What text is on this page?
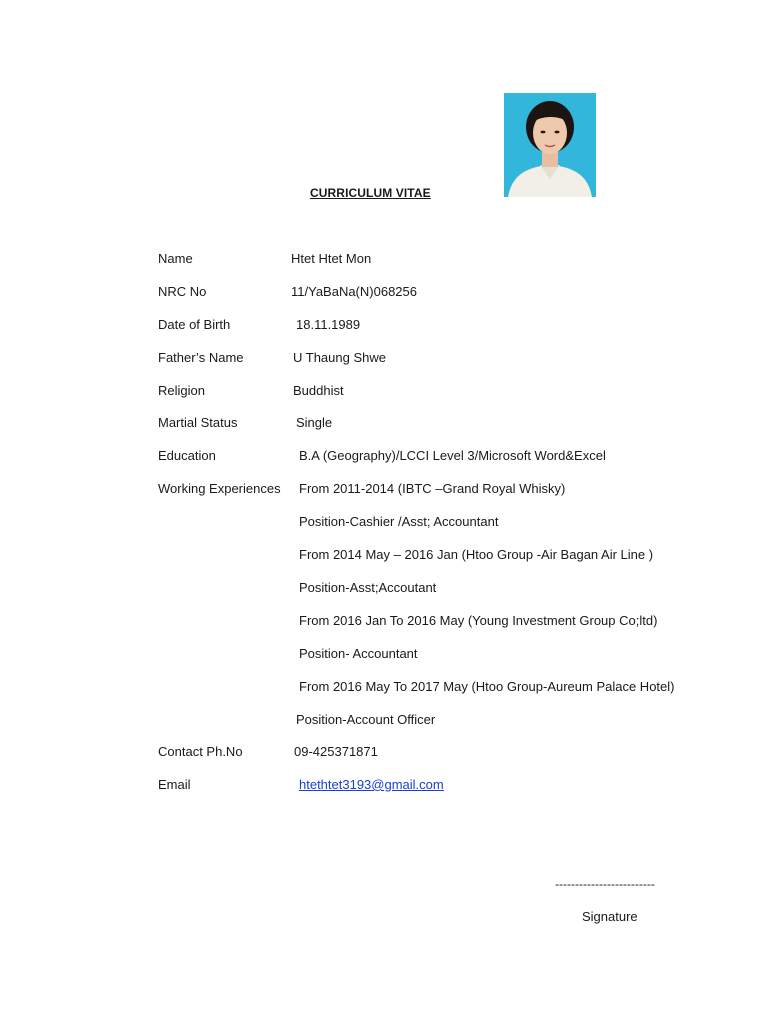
CURRICULUM VITAE
Name	Htet Htet Mon
NRC No	11/YaBaNa(N)068256
Date of Birth	18.11.1989
Father’s Name	U Thaung Shwe
Religion	Buddhist
Martial Status	Single
Education	B.A (Geography)/LCCI Level 3/Microsoft Word&Excel
Working Experiences From 2011-2014 (IBTC –Grand Royal Whisky)
Position-Cashier /Asst; Accountant
From 2014 May – 2016 Jan (Htoo Group -Air Bagan Air Line )
Position-Asst;Accoutant
From 2016 Jan To 2016 May (Young Investment Group Co;ltd)
Position- Accountant
From 2016 May To 2017 May (Htoo Group-Aureum Palace Hotel)
Position-Account Officer
Contact Ph.No	09-425371871
Email	htethtet3193@gmail.com
-------------------------
Signature
